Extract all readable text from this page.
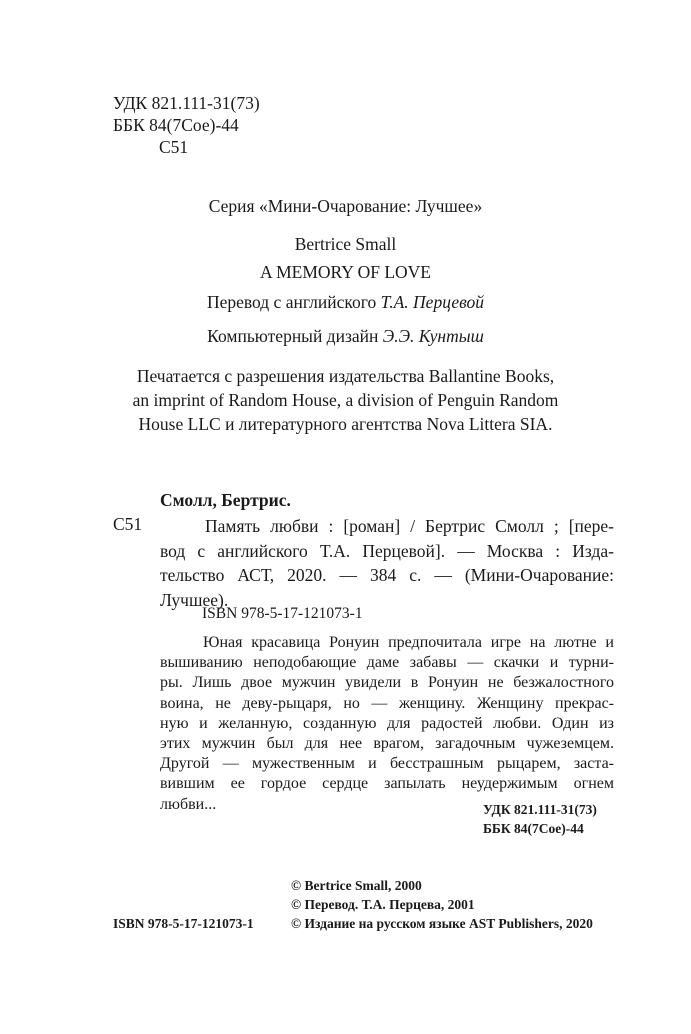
УДК 821.111-31(73)
ББК 84(7Сое)-44
С51
Серия «Мини-Очарование: Лучшее»
Bertrice Small
A MEMORY OF LOVE
Перевод с английского Т.А. Перцевой
Компьютерный дизайн Э.Э. Кунтыш
Печатается с разрешения издательства Ballantine Books,
an imprint of Random House, a division of Penguin Random
House LLC и литературного агентства Nova Littera SIA.
Смолл, Бертрис.
С51	Память любви : [роман] / Бертрис Смолл ; [пере-
вод с английского Т.А. Перцевой]. — Москва : Изда-
тельство АСТ, 2020. — 384 с. — (Мини-Очарование:
Лучшее).
ISBN 978-5-17-121073-1

Юная красавица Ронуин предпочитала игре на лютне и

вышиванию неподобающие даме забавы — скачки и турни-

ры. Лишь двое мужчин увидели в Ронуин не безжалостного

воина, не деву-рыцаря, но — женщину. Женщину прекрас-

ную и желанную, созданную для радостей любви. Один из

этих мужчин был для нее врагом, загадочным чужеземцем.

Другой — мужественным и бесстрашным рыцарем, заста-

вившим ее гордое сердце запылать неудержимым огнем

любви...	УДК 821.111-31(73)
ББК 84(7Сое)-44
ISBN 978-5-17-121073-1
© Bertrice Small, 2000
© Перевод. Т.А. Перцева, 2001
© Издание на русском языке AST Publishers, 2020
